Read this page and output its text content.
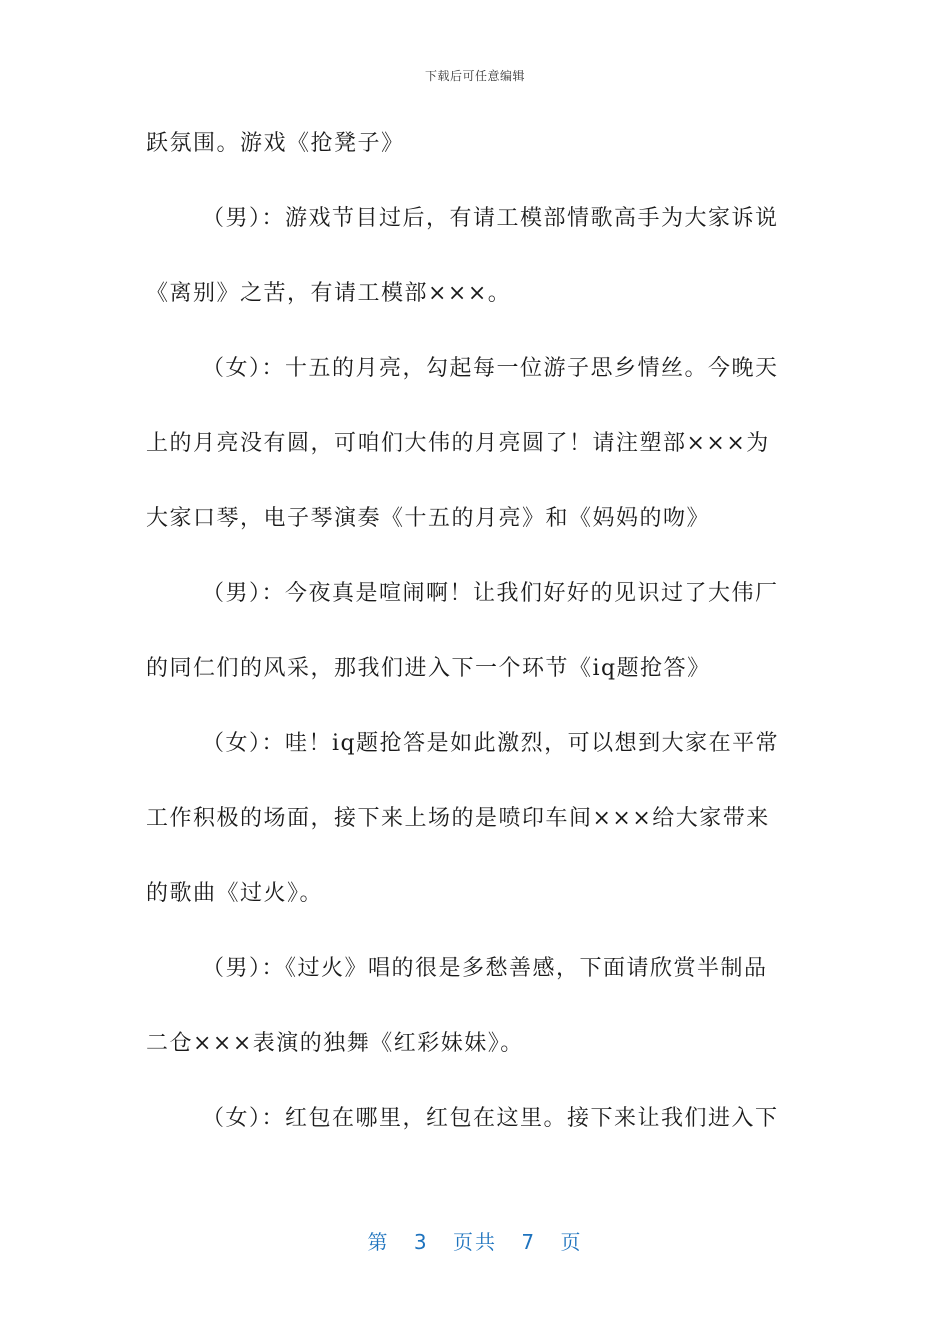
下载后可任意编辑
跃氛围。游戏《抢凳子》
（男）：游戏节目过后，有请工模部情歌高手为大家诉说
《离别》之苦，有请工模部×××。
（女）：十五的月亮，勾起每一位游子思乡情丝。今晚天
上的月亮没有圆，可咱们大伟的月亮圆了！请注塑部×××为
大家口琴，电子琴演奏《十五的月亮》和《妈妈的吻》
（男）：今夜真是喧闹啊！让我们好好的见识过了大伟厂
的同仁们的风采，那我们进入下一个环节《iq题抢答》
（女）：哇！iq题抢答是如此激烈，可以想到大家在平常
工作积极的场面，接下来上场的是喷印车间×××给大家带来
的歌曲《过火》。
（男）：《过火》唱的很是多愁善感，下面请欣赏半制品
二仓×××表演的独舞《红彩妹妹》。
（女）：红包在哪里，红包在这里。接下来让我们进入下
第 3 页共 7 页
